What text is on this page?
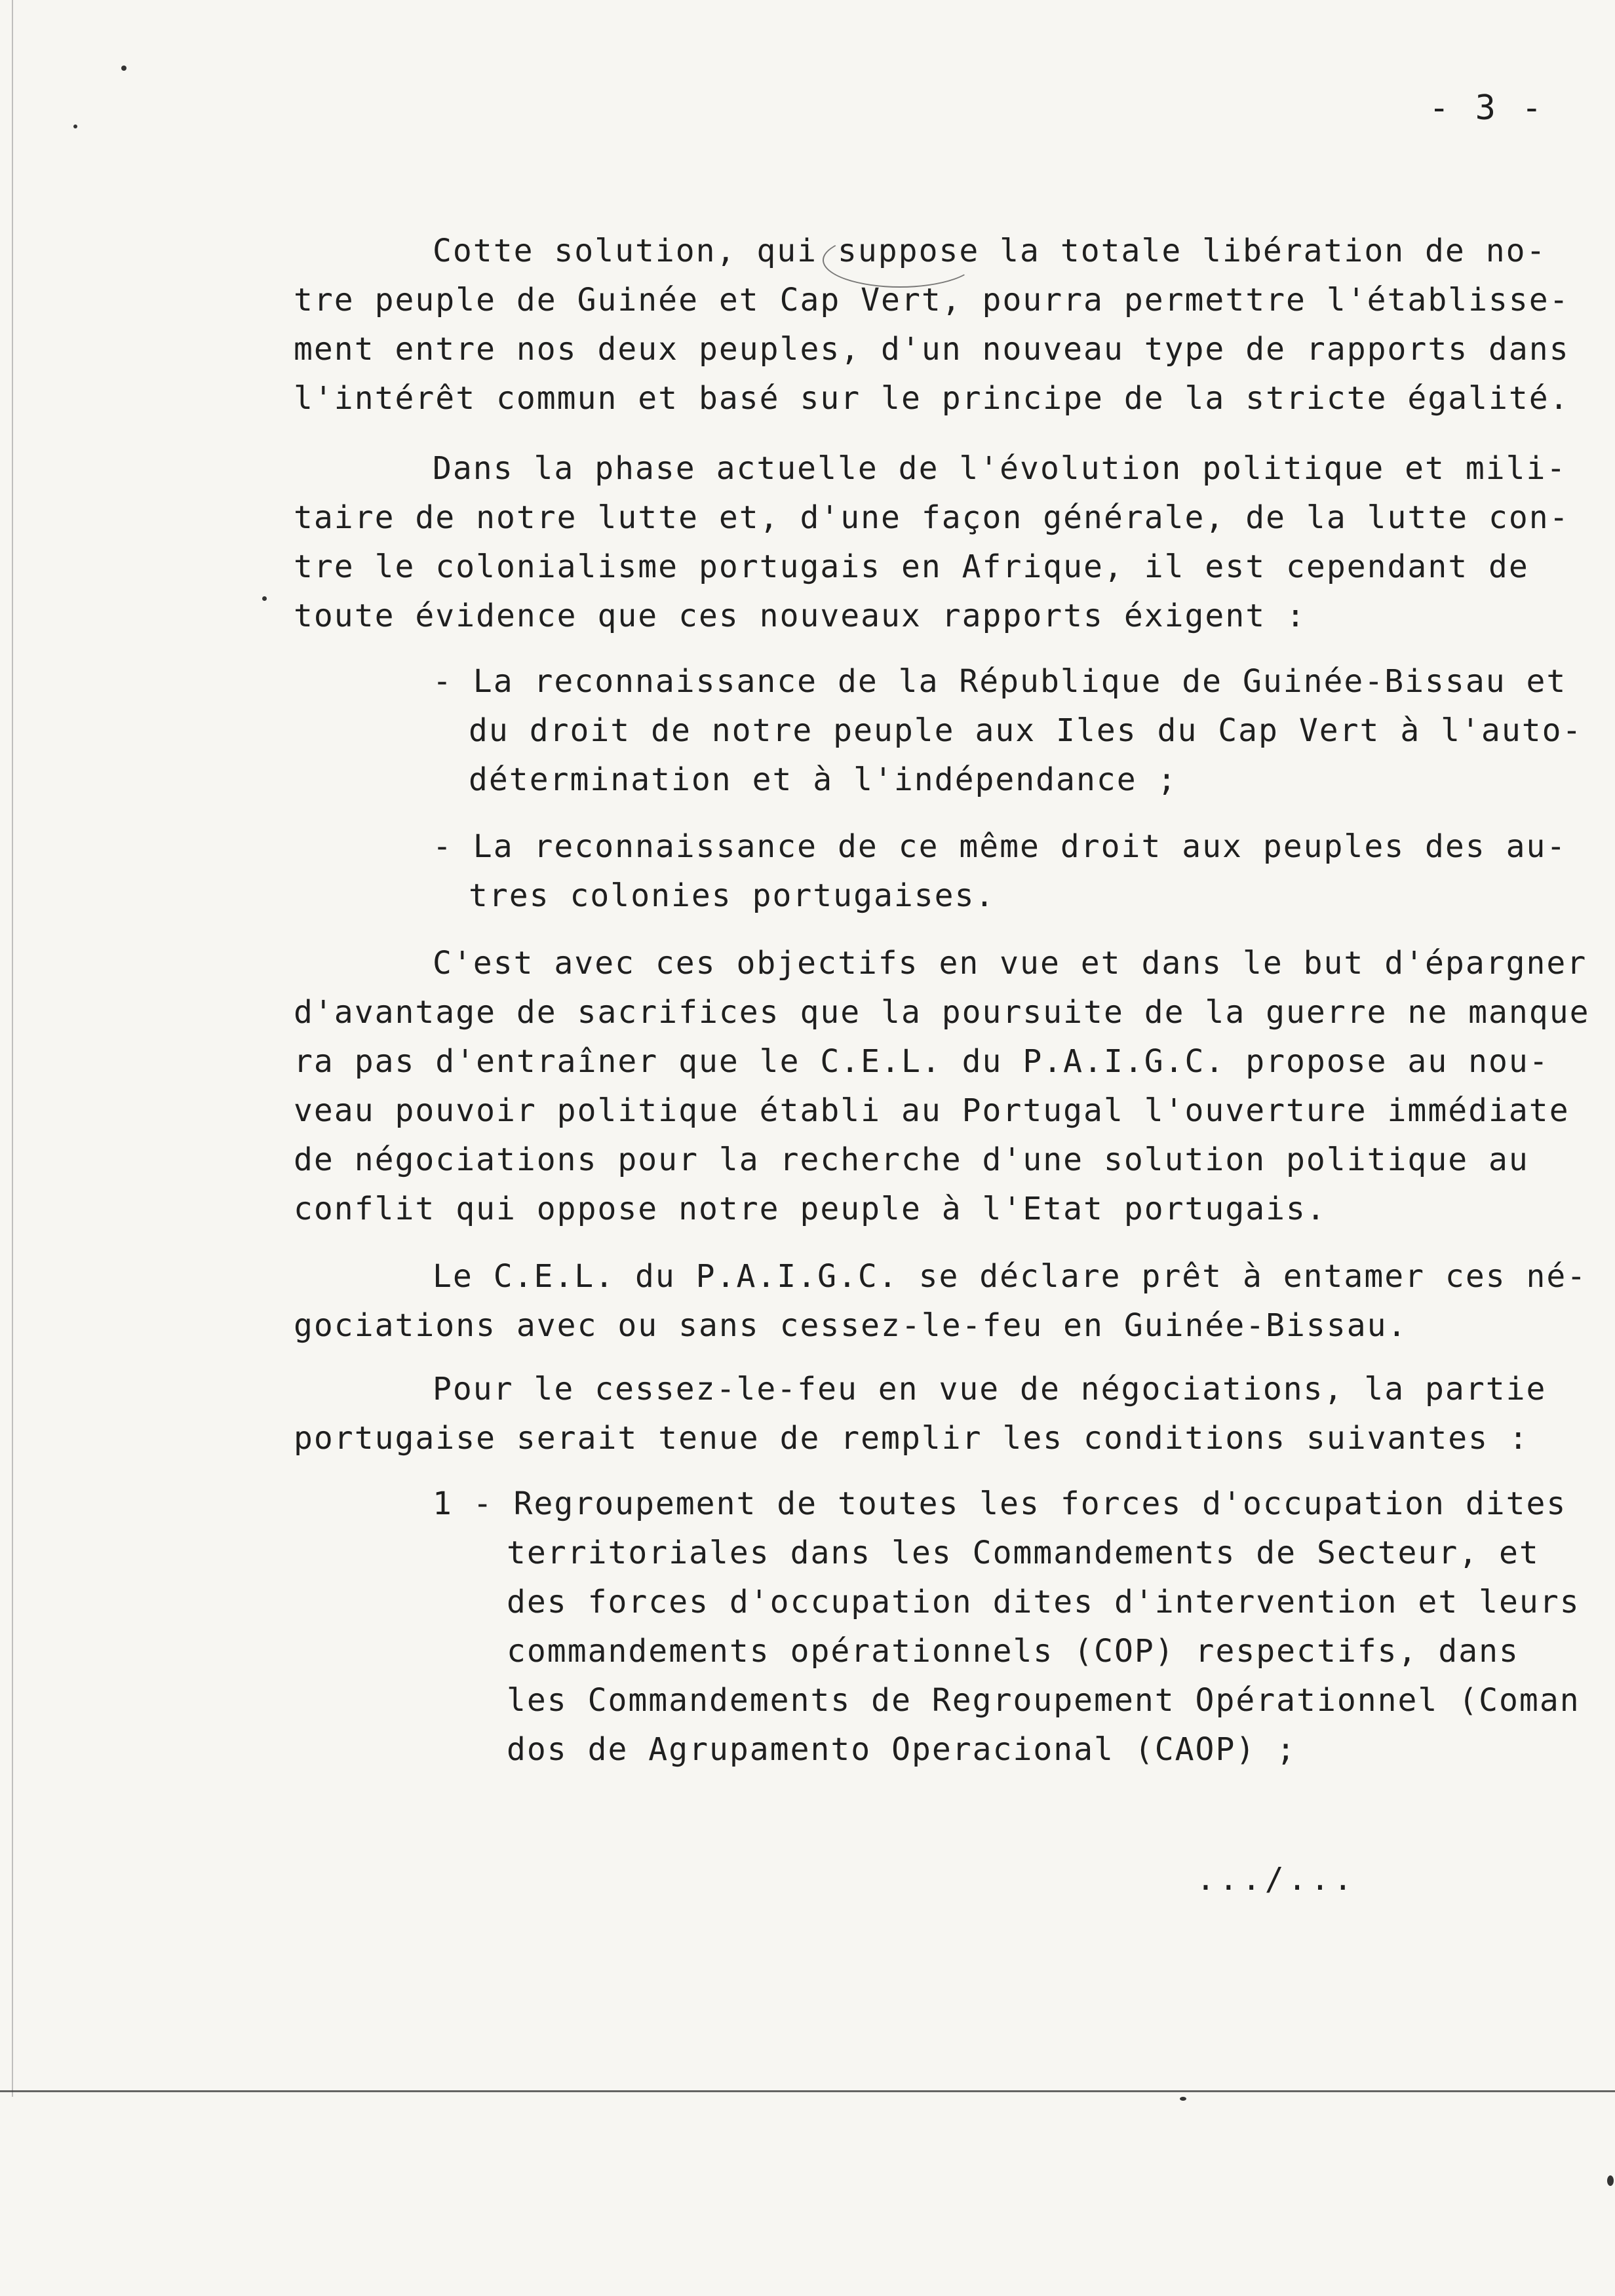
- 3 -
Cotte solution, qui suppose la totale libération de no-
tre peuple de Guinée et Cap Vert, pourra permettre l'établisse-
ment entre nos deux peuples, d'un nouveau type de rapports dans
l'intérêt commun et basé sur le principe de la stricte égalité.
Dans la phase actuelle de l'évolution politique et mili-
taire de notre lutte et, d'une façon générale, de la lutte con-
tre le colonialisme portugais en Afrique, il est cependant de
toute évidence que ces nouveaux rapports éxigent :
- La reconnaissance de la République de Guinée-Bissau et
du droit de notre peuple aux Iles du Cap Vert à l'auto-
détermination et à l'indépendance ;
- La reconnaissance de ce même droit aux peuples des au-
tres colonies portugaises.
C'est avec ces objectifs en vue et dans le but d'épargner
d'avantage de sacrifices que la poursuite de la guerre ne manque
ra pas d'entraîner que le C.E.L. du P.A.I.G.C. propose au nou-
veau pouvoir politique établi au Portugal l'ouverture immédiate
de négociations pour la recherche d'une solution politique au
conflit qui oppose notre peuple à l'Etat portugais.
Le C.E.L. du P.A.I.G.C. se déclare prêt à entamer ces né-
gociations avec ou sans cessez-le-feu en Guinée-Bissau.
Pour le cessez-le-feu en vue de négociations, la partie
portugaise serait tenue de remplir les conditions suivantes :
1 - Regroupement de toutes les forces d'occupation dites
territoriales dans les Commandements de Secteur, et
des forces d'occupation dites d'intervention et leurs
commandements opérationnels (COP) respectifs, dans
les Commandements de Regroupement Opérationnel (Coman
dos de Agrupamento Operacional (CAOP) ;
.../...
